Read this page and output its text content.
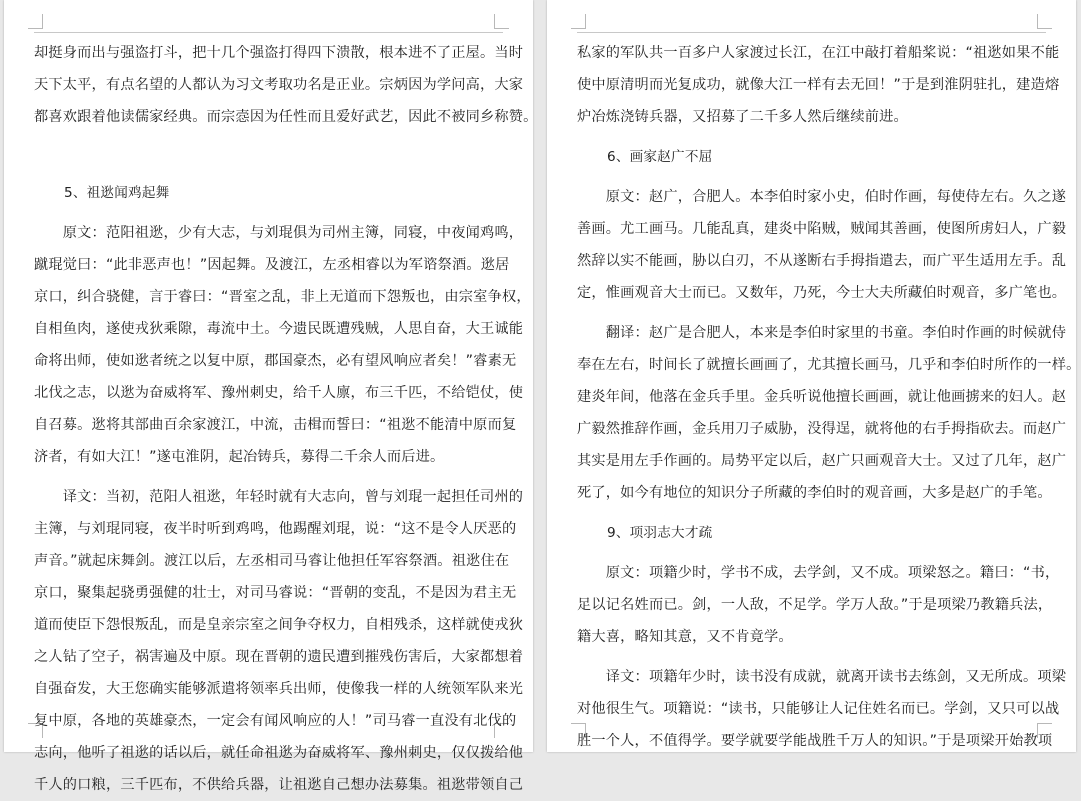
却挺身而出与强盗打斗，把十几个强盗打得四下溃散，根本进不了正屋。当时
天下太平，有点名望的人都认为习文考取功名是正业。宗炳因为学问高，大家
都喜欢跟着他读儒家经典。而宗悫因为任性而且爱好武艺，因此不被同乡称赞。
5、祖逖闻鸡起舞
　　原文：范阳祖逖，少有大志，与刘琨俱为司州主簿，同寝，中夜闻鸡鸣，
蹴琨觉曰：“此非恶声也！”因起舞。及渡江，左丞相睿以为军谘祭酒。逖居
京口，纠合骁健，言于睿曰：“晋室之乱，非上无道而下怨叛也，由宗室争权，
自相鱼肉，遂使戎狄乘隙，毒流中土。今遗民既遭残贼，人思自奋，大王诚能
命将出师，使如逖者统之以复中原，郡国豪杰，必有望风响应者矣！”睿素无
北伐之志，以逖为奋威将军、豫州刺史，给千人廪，布三千匹，不给铠仗，使
自召募。逖将其部曲百余家渡江，中流，击楫而誓曰：“祖逖不能清中原而复
济者，有如大江！”遂屯淮阴，起冶铸兵，募得二千余人而后进。
　　译文：当初，范阳人祖逖，年轻时就有大志向，曾与刘琨一起担任司州的
主簿，与刘琨同寝，夜半时听到鸡鸣，他踢醒刘琨，说：“这不是令人厌恶的
声音。”就起床舞剑。渡江以后，左丞相司马睿让他担任军容祭酒。祖逖住在
京口，聚集起骁勇强健的壮士，对司马睿说：“晋朝的变乱，不是因为君主无
道而使臣下怨恨叛乱，而是皇亲宗室之间争夺权力，自相残杀，这样就使戎狄
之人钻了空子，祸害遍及中原。现在晋朝的遗民遭到摧残伤害后，大家都想着
自强奋发，大王您确实能够派遣将领率兵出师，使像我一样的人统领军队来光
复中原，各地的英雄豪杰，一定会有闻风响应的人！”司马睿一直没有北伐的
志向，他听了祖逖的话以后，就任命祖逖为奋威将军、豫州刺史，仅仅拨给他
千人的口粮，三千匹布，不供给兵器，让祖逖自己想办法募集。祖逖带领自己
私家的军队共一百多户人家渡过长江，在江中敲打着船桨说：“祖逖如果不能
使中原清明而光复成功，就像大江一样有去无回！”于是到淮阴驻扎，建造熔
炉冶炼浇铸兵器，又招募了二千多人然后继续前进。
6、画家赵广不屈
　　原文：赵广，合肥人。本李伯时家小史，伯时作画，每使侍左右。久之遂
善画。尤工画马。几能乱真，建炎中陷贼，贼闻其善画，使图所虏妇人，广毅
然辞以实不能画，胁以白刃，不从遂断右手拇指遣去，而广平生适用左手。乱
定，惟画观音大士而已。又数年，乃死，今士大夫所藏伯时观音，多广笔也。
　　翻译：赵广是合肥人，本来是李伯时家里的书童。李伯时作画的时候就侍
奉在左右，时间长了就擅长画画了，尤其擅长画马，几乎和李伯时所作的一样。
建炎年间，他落在金兵手里。金兵听说他擅长画画，就让他画掳来的妇人。赵
广毅然推辞作画，金兵用刀子威胁，没得逞，就将他的右手拇指砍去。而赵广
其实是用左手作画的。局势平定以后，赵广只画观音大士。又过了几年，赵广
死了，如今有地位的知识分子所藏的李伯时的观音画，大多是赵广的手笔。
9、项羽志大才疏
　　原文：项籍少时，学书不成，去学剑，又不成。项梁怒之。籍曰：“书，
足以记名姓而已。剑，一人敌，不足学。学万人敌。”于是项梁乃教籍兵法，
籍大喜，略知其意，又不肯竟学。
　　译文：项籍年少时，读书没有成就，就离开读书去练剑，又无所成。项梁
对他很生气。项籍说：“读书，只能够让人记住姓名而已。学剑，又只可以战
胜一个人，不值得学。要学就要学能战胜千万人的知识。”于是项梁开始教项
